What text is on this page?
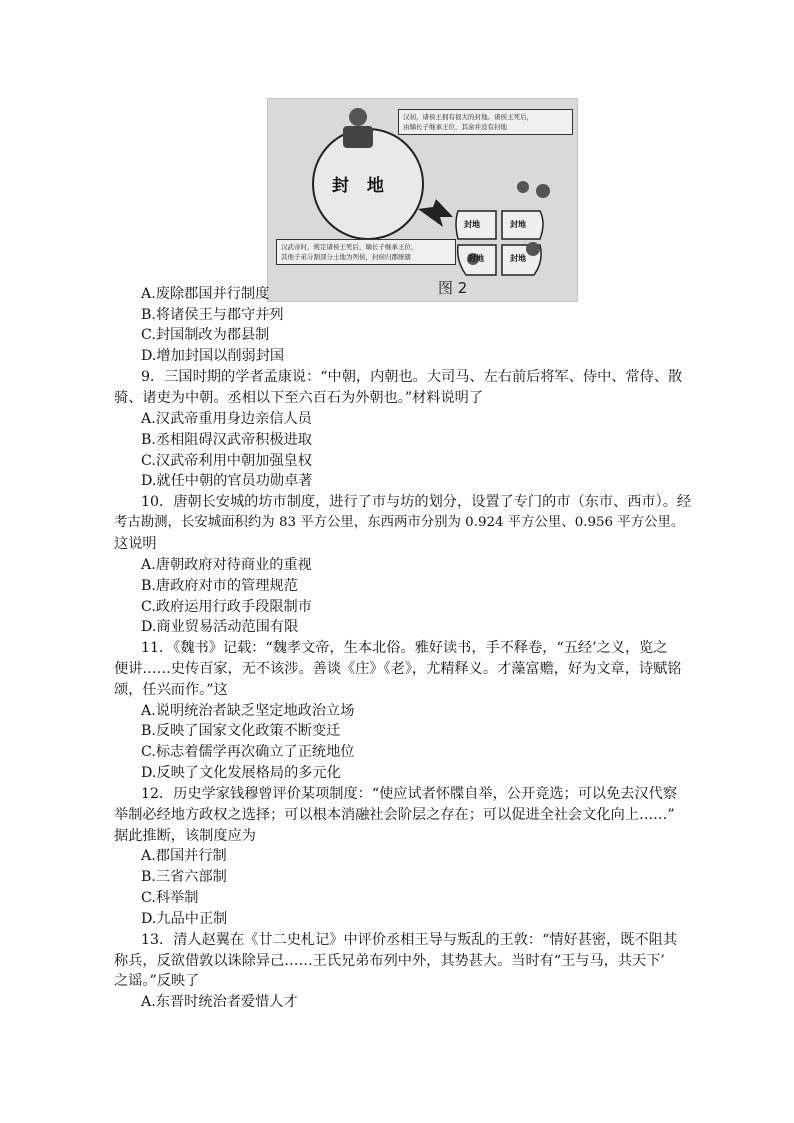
封 地
封地	封地
封地	封地
汉初，诸侯王拥有很大的封地。诸侯王死后，
由嫡长子继承王位，其余并没有封地
汉武帝时，规定诸侯王死后，嫡长子继承王位，
其他子弟分割部分土地为列侯，封侯归郡统辖
图 2
A.废除郡国并行制度
B.将诸侯王与郡守并列
C.封国制改为郡县制
D.增加封国以削弱封国
9．三国时期的学者孟康说：“中朝，内朝也。大司马、左右前后将军、侍中、常侍、散
骑、诸吏为中朝。丞相以下至六百石为外朝也。”材料说明了
A.汉武帝重用身边亲信人员
B.丞相阻碍汉武帝积极进取
C.汉武帝利用中朝加强皇权
D.就任中朝的官员功勋卓著
10．唐朝长安城的坊市制度，进行了市与坊的划分，设置了专门的市（东市、西市）。经
考古勘测，长安城面积约为 83 平方公里，东西两市分别为 0.924 平方公里、0.956 平方公里。
这说明
A.唐朝政府对待商业的重视
B.唐政府对市的管理规范
C.政府运用行政手段限制市
D.商业贸易活动范围有限
11．《魏书》记载：“魏孝文帝，生本北俗。雅好读书，手不释卷，“五经’之义，览之
便讲……史传百家，无不该涉。善谈《庄》《老》，尤精释义。才藻富赡，好为文章，诗赋铭
颂，任兴而作。”这
A.说明统治者缺乏坚定地政治立场
B.反映了国家文化政策不断变迁
C.标志着儒学再次确立了正统地位
D.反映了文化发展格局的多元化
12．历史学家钱穆曾评价某项制度：“使应试者怀牒自举，公开竞选；可以免去汉代察
举制必经地方政权之选择；可以根本消融社会阶层之存在；可以促进全社会文化向上……”
据此推断，该制度应为
A.郡国并行制
B.三省六部制
C.科举制
D.九品中正制
13．清人赵翼在《廿二史札记》中评价丞相王导与叛乱的王敦：“情好甚密，既不阻其
称兵，反欲借敦以诛除异己……王氏兄弟布列中外，其势甚大。当时有“王与马，共天下’
之谣。”反映了
A.东晋时统治者爱惜人才
